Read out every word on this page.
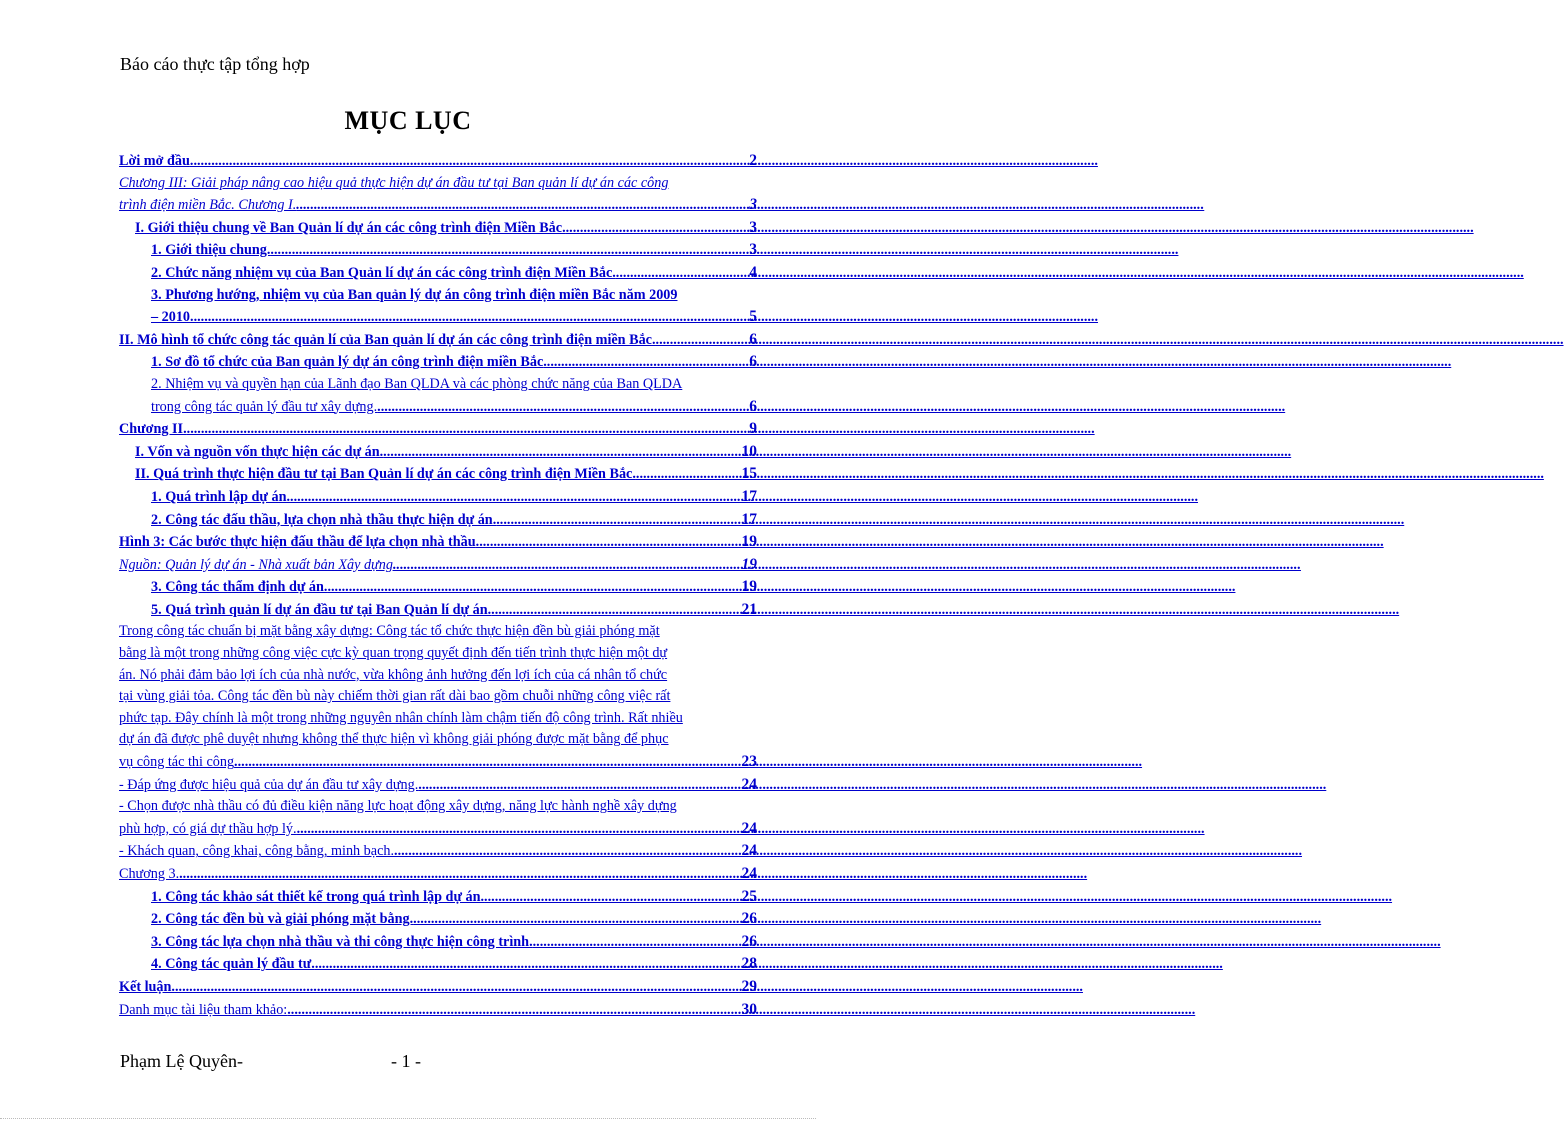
Báo cáo thực tập tổng hợp
MỤC LỤC
Lời mở đầu .....	2
Chương III: Giải pháp nâng cao hiệu quả thực hiện dự án đầu tư tại Ban quản lí dự án các công
trình điện miền Bắc. Chương I. .....	3
I. Giới thiệu chung về Ban Quản lí dự án các công trình điện Miền Bắc. .....	3
1. Giới thiệu chung. .....	3
2. Chức năng nhiệm vụ của Ban Quản lí dự án các công trình điện Miền Bắc. .....	4
3. Phương hướng, nhiệm vụ của Ban quản lý dự án công trình điện miền Bắc năm 2009
– 2010 .....	5
II. Mô hình tổ chức công tác quản lí của Ban quản lí dự án các công trình điện miền Bắc. .....	6
1. Sơ đồ tổ chức của Ban quản lý dự án công trình điện miền Bắc .....	6
2. Nhiệm vụ và quyền hạn của Lãnh đạo Ban QLDA và các phòng chức năng của Ban QLDA
trong công tác quản lý đầu tư xây dựng. .....	6
Chương II. .....	9
I. Vốn và nguồn vốn thực hiện các dự án. .....	10
II. Quá trình thực hiện đầu tư tại Ban Quản lí dự án các công trình điện Miền Bắc. .....	15
1. Quá trình lập dự án. .....	17
2. Công tác đấu thầu, lựa chọn nhà thầu thực hiện dự án. .....	17
Hình 3: Các bước thực hiện đấu thầu để lựa chọn nhà thầu .....	19
Nguồn: Quản lý dự án - Nhà xuất bản Xây dựng .....	19
3. Công tác thẩm định dự án. .....	19
5. Quá trình quản lí dự án đầu tư tại Ban Quản lí dự án. .....	21
Trong công tác chuẩn bị mặt bằng xây dựng: Công tác tổ chức thực hiện đền bù giải phóng mặt
bằng là một trong những công việc cực kỳ quan trọng quyết định đến tiến trình thực hiện một dự
án. Nó phải đảm bảo lợi ích của nhà nước, vừa không ảnh hưởng đến lợi ích của cá nhân tổ chức
tại vùng giải tỏa. Công tác đền bù này chiếm thời gian rất dài bao gồm chuỗi những công việc rất
phức tạp. Đây chính là một trong những nguyên nhân chính làm chậm tiến độ công trình. Rất nhiều
dự án đã được phê duyệt nhưng không thể thực hiện vì không giải phóng được mặt bằng để phục
vụ công tác thi công .....	23
- Đáp ứng được hiệu quả của dự án đầu tư xây dựng. .....	24
- Chọn được nhà thầu có đủ điều kiện năng lực hoạt động xây dựng, năng lực hành nghề xây dựng
phù hợp, có giá dự thầu hợp lý. .....	24
- Khách quan, công khai, công bằng, minh bạch. .....	24
Chương 3. .....	24
1. Công tác khảo sát thiết kế trong quá trình lập dự án. .....	25
2. Công tác đền bù và giải phóng mặt bằng. .....	26
3. Công tác lựa chọn nhà thầu và thi công thực hiện công trình. .....	26
4. Công tác quản lý đầu tư. .....	28
Kết luận. .....	29
Danh mục tài liệu tham khảo: .....	30
Phạm Lệ Quyên-	- 1 -
